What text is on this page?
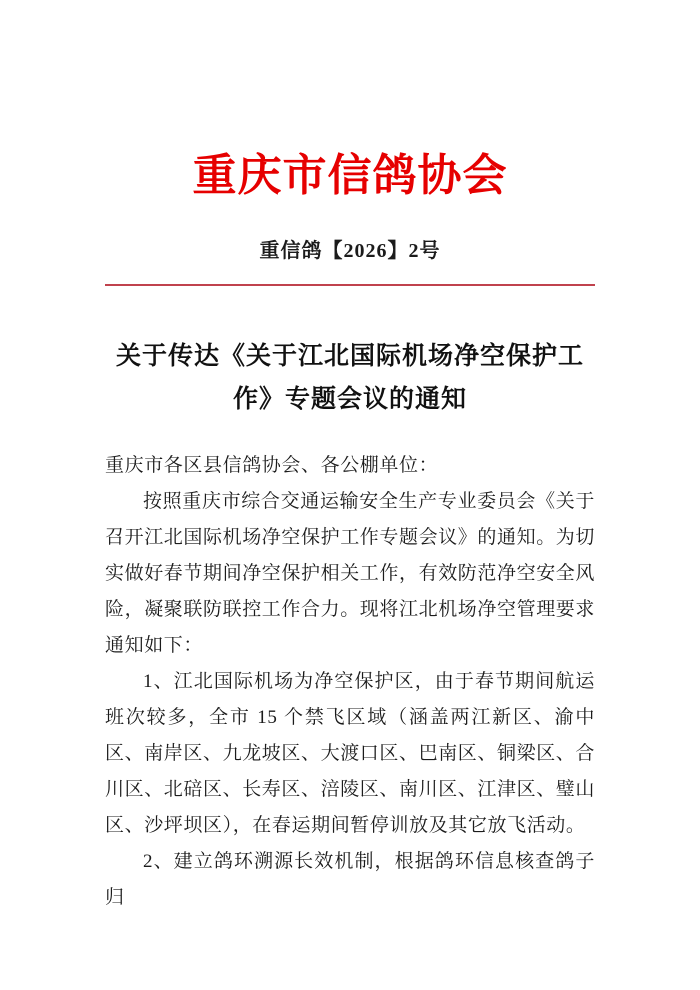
重庆市信鸽协会
重信鸽【2026】2号
关于传达《关于江北国际机场净空保护工
作》专题会议的通知

重庆市各区县信鸽协会、各公棚单位：

按照重庆市综合交通运输安全生产专业委员会《关于召开江北国际机场净空保护工作专题会议》的通知。为切实做好春节期间净空保护相关工作，有效防范净空安全风险，凝聚联防联控工作合力。现将江北机场净空管理要求通知如下：

1、江北国际机场为净空保护区，由于春节期间航运班次较多，全市 15 个禁飞区域（涵盖两江新区、渝中区、南岸区、九龙坡区、大渡口区、巴南区、铜梁区、合川区、北碚区、长寿区、涪陵区、南川区、江津区、璧山区、沙坪坝区），在春运期间暂停训放及其它放飞活动。

2、建立鸽环溯源长效机制，根据鸽环信息核查鸽子归
